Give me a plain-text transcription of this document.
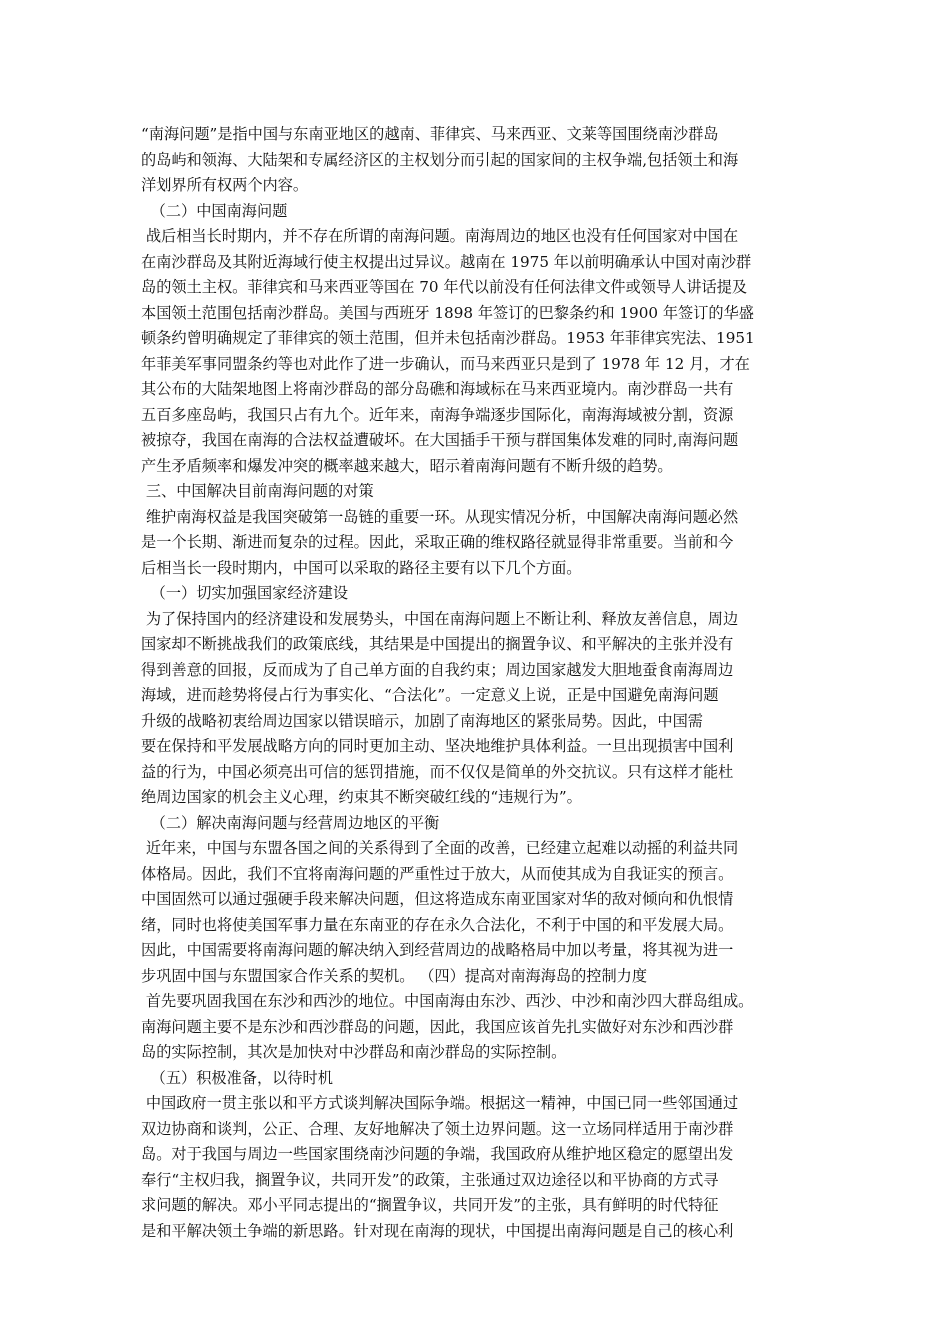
“南海问题”是指中国与东南亚地区的越南、菲律宾、马来西亚、文莱等国围绕南沙群岛
的岛屿和领海、大陆架和专属经济区的主权划分而引起的国家间的主权争端,包括领土和海
洋划界所有权两个内容。
（二）中国南海问题
战后相当长时期内，并不存在所谓的南海问题。南海周边的地区也没有任何国家对中国在
在南沙群岛及其附近海域行使主权提出过异议。越南在 1975 年以前明确承认中国对南沙群
岛的领土主权。菲律宾和马来西亚等国在 70 年代以前没有任何法律文件或领导人讲话提及
本国领土范围包括南沙群岛。美国与西班牙 1898 年签订的巴黎条约和 1900 年签订的华盛
顿条约曾明确规定了菲律宾的领土范围，但并未包括南沙群岛。1953 年菲律宾宪法、1951
年菲美军事同盟条约等也对此作了进一步确认，而马来西亚只是到了 1978 年 12 月，才在
其公布的大陆架地图上将南沙群岛的部分岛礁和海域标在马来西亚境内。南沙群岛一共有
五百多座岛屿，我国只占有九个。近年来，南海争端逐步国际化，南海海域被分割，资源
被掠夺，我国在南海的合法权益遭破坏。在大国插手干预与群国集体发难的同时,南海问题
产生矛盾频率和爆发冲突的概率越来越大，昭示着南海问题有不断升级的趋势。
三、中国解决目前南海问题的对策
维护南海权益是我国突破第一岛链的重要一环。从现实情况分析，中国解决南海问题必然
是一个长期、渐进而复杂的过程。因此，采取正确的维权路径就显得非常重要。当前和今
后相当长一段时期内，中国可以采取的路径主要有以下几个方面。
（一）切实加强国家经济建设
为了保持国内的经济建设和发展势头，中国在南海问题上不断让利、释放友善信息，周边
国家却不断挑战我们的政策底线，其结果是中国提出的搁置争议、和平解决的主张并没有
得到善意的回报，反而成为了自己单方面的自我约束；周边国家越发大胆地蚕食南海周边
海域，进而趁势将侵占行为事实化、“合法化”。一定意义上说，正是中国避免南海问题
升级的战略初衷给周边国家以错误暗示，加剧了南海地区的紧张局势。因此，中国需
要在保持和平发展战略方向的同时更加主动、坚决地维护具体利益。一旦出现损害中国利
益的行为，中国必须亮出可信的惩罚措施，而不仅仅是简单的外交抗议。只有这样才能杜
绝周边国家的机会主义心理，约束其不断突破红线的“违规行为”。
（二）解决南海问题与经营周边地区的平衡
近年来，中国与东盟各国之间的关系得到了全面的改善，已经建立起难以动摇的利益共同
体格局。因此，我们不宜将南海问题的严重性过于放大，从而使其成为自我证实的预言。
中国固然可以通过强硬手段来解决问题，但这将造成东南亚国家对华的敌对倾向和仇恨情
绪，同时也将使美国军事力量在东南亚的存在永久合法化，不利于中国的和平发展大局。
因此，中国需要将南海问题的解决纳入到经营周边的战略格局中加以考量，将其视为进一
步巩固中国与东盟国家合作关系的契机。 （四）提高对南海海岛的控制力度
首先要巩固我国在东沙和西沙的地位。中国南海由东沙、西沙、中沙和南沙四大群岛组成。
南海问题主要不是东沙和西沙群岛的问题，因此，我国应该首先扎实做好对东沙和西沙群
岛的实际控制，其次是加快对中沙群岛和南沙群岛的实际控制。
（五）积极准备，以待时机
中国政府一贯主张以和平方式谈判解决国际争端。根据这一精神，中国已同一些邻国通过
双边协商和谈判，公正、合理、友好地解决了领土边界问题。这一立场同样适用于南沙群
岛。对于我国与周边一些国家围绕南沙问题的争端，我国政府从维护地区稳定的愿望出发
奉行“主权归我，搁置争议，共同开发”的政策，主张通过双边途径以和平协商的方式寻
求问题的解决。邓小平同志提出的“搁置争议，共同开发”的主张，具有鲜明的时代特征
是和平解决领土争端的新思路。针对现在南海的现状，中国提出南海问题是自己的核心利
